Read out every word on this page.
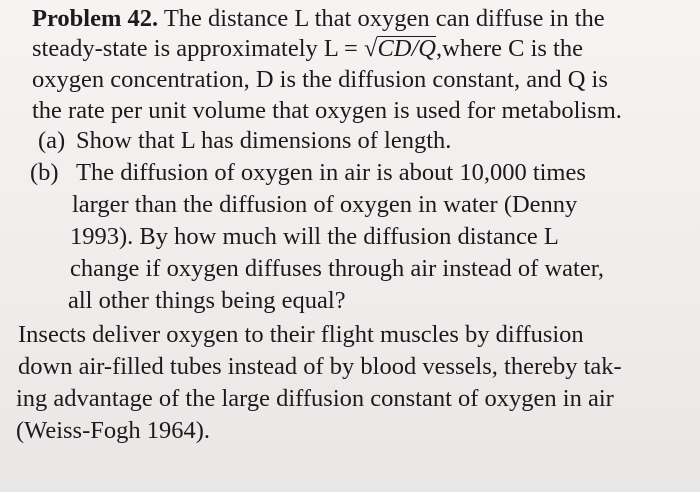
Problem 42. The distance L that oxygen can diffuse in the
steady-state is approximately L = √CD/Q,where C is the
oxygen concentration, D is the diffusion constant, and Q is
the rate per unit volume that oxygen is used for metabolism.
(a) Show that L has dimensions of length.
(b) The diffusion of oxygen in air is about 10,000 times
larger than the diffusion of oxygen in water (Denny
1993). By how much will the diffusion distance L
change if oxygen diffuses through air instead of water,
all other things being equal?
Insects deliver oxygen to their flight muscles by diffusion
down air-filled tubes instead of by blood vessels, thereby tak-
ing advantage of the large diffusion constant of oxygen in air
(Weiss-Fogh 1964).
